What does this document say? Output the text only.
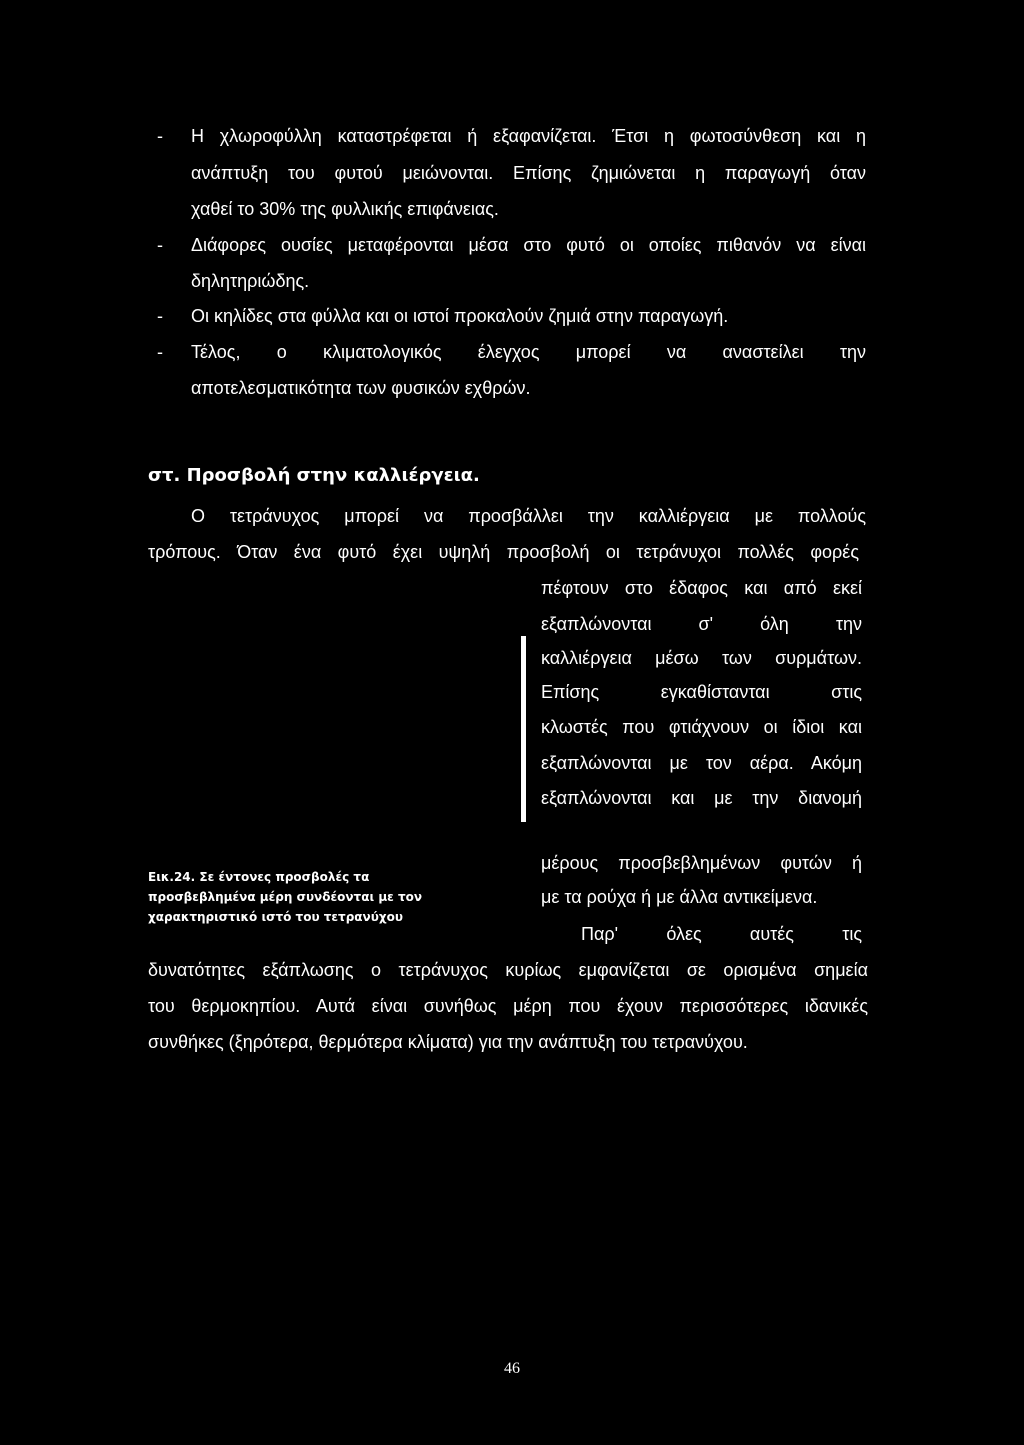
- Η χλωροφύλλη καταστρέφεται ή εξαφανίζεται. Έτσι η φωτοσύνθεση και η
ανάπτυξη του φυτού μειώνονται. Επίσης ζημιώνεται η παραγωγή όταν
χαθεί το 30% της φυλλικής επιφάνειας.
- Διάφορες ουσίες μεταφέρονται μέσα στο φυτό οι οποίες πιθανόν να είναι
δηλητηριώδης.
- Οι κηλίδες στα φύλλα και οι ιστοί προκαλούν ζημιά στην παραγωγή.
- Τέλος, ο κλιματολογικός έλεγχος μπορεί να αναστείλει την
αποτελεσματικότητα των φυσικών εχθρών.
στ. Προσβολή στην καλλιέργεια.
Ο τετράνυχος μπορεί να προσβάλλει την καλλιέργεια με πολλούς
τρόπους. Όταν ένα φυτό έχει υψηλή προσβολή οι τετράνυχοι πολλές φορές
πέφτουν στο έδαφος και από εκεί
εξαπλώνονται σ' όλη την
καλλιέργεια μέσω των συρμάτων.
Επίσης εγκαθίστανται στις
κλωστές που φτιάχνουν οι ίδιοι και
εξαπλώνονται με τον αέρα. Ακόμη
εξαπλώνονται και με την διανομή
μέρους προσβεβλημένων φυτών ή
με τα ρούχα ή με άλλα αντικείμενα.
Παρ' όλες αυτές τις
Εικ.24. Σε έντονες προσβολές τα
προσβεβλημένα μέρη συνδέονται με τον
χαρακτηριστικό ιστό του τετρανύχου
δυνατότητες εξάπλωσης ο τετράνυχος κυρίως εμφανίζεται σε ορισμένα σημεία
του θερμοκηπίου. Αυτά είναι συνήθως μέρη που έχουν περισσότερες ιδανικές
συνθήκες (ξηρότερα, θερμότερα κλίματα) για την ανάπτυξη του τετρανύχου.
46
